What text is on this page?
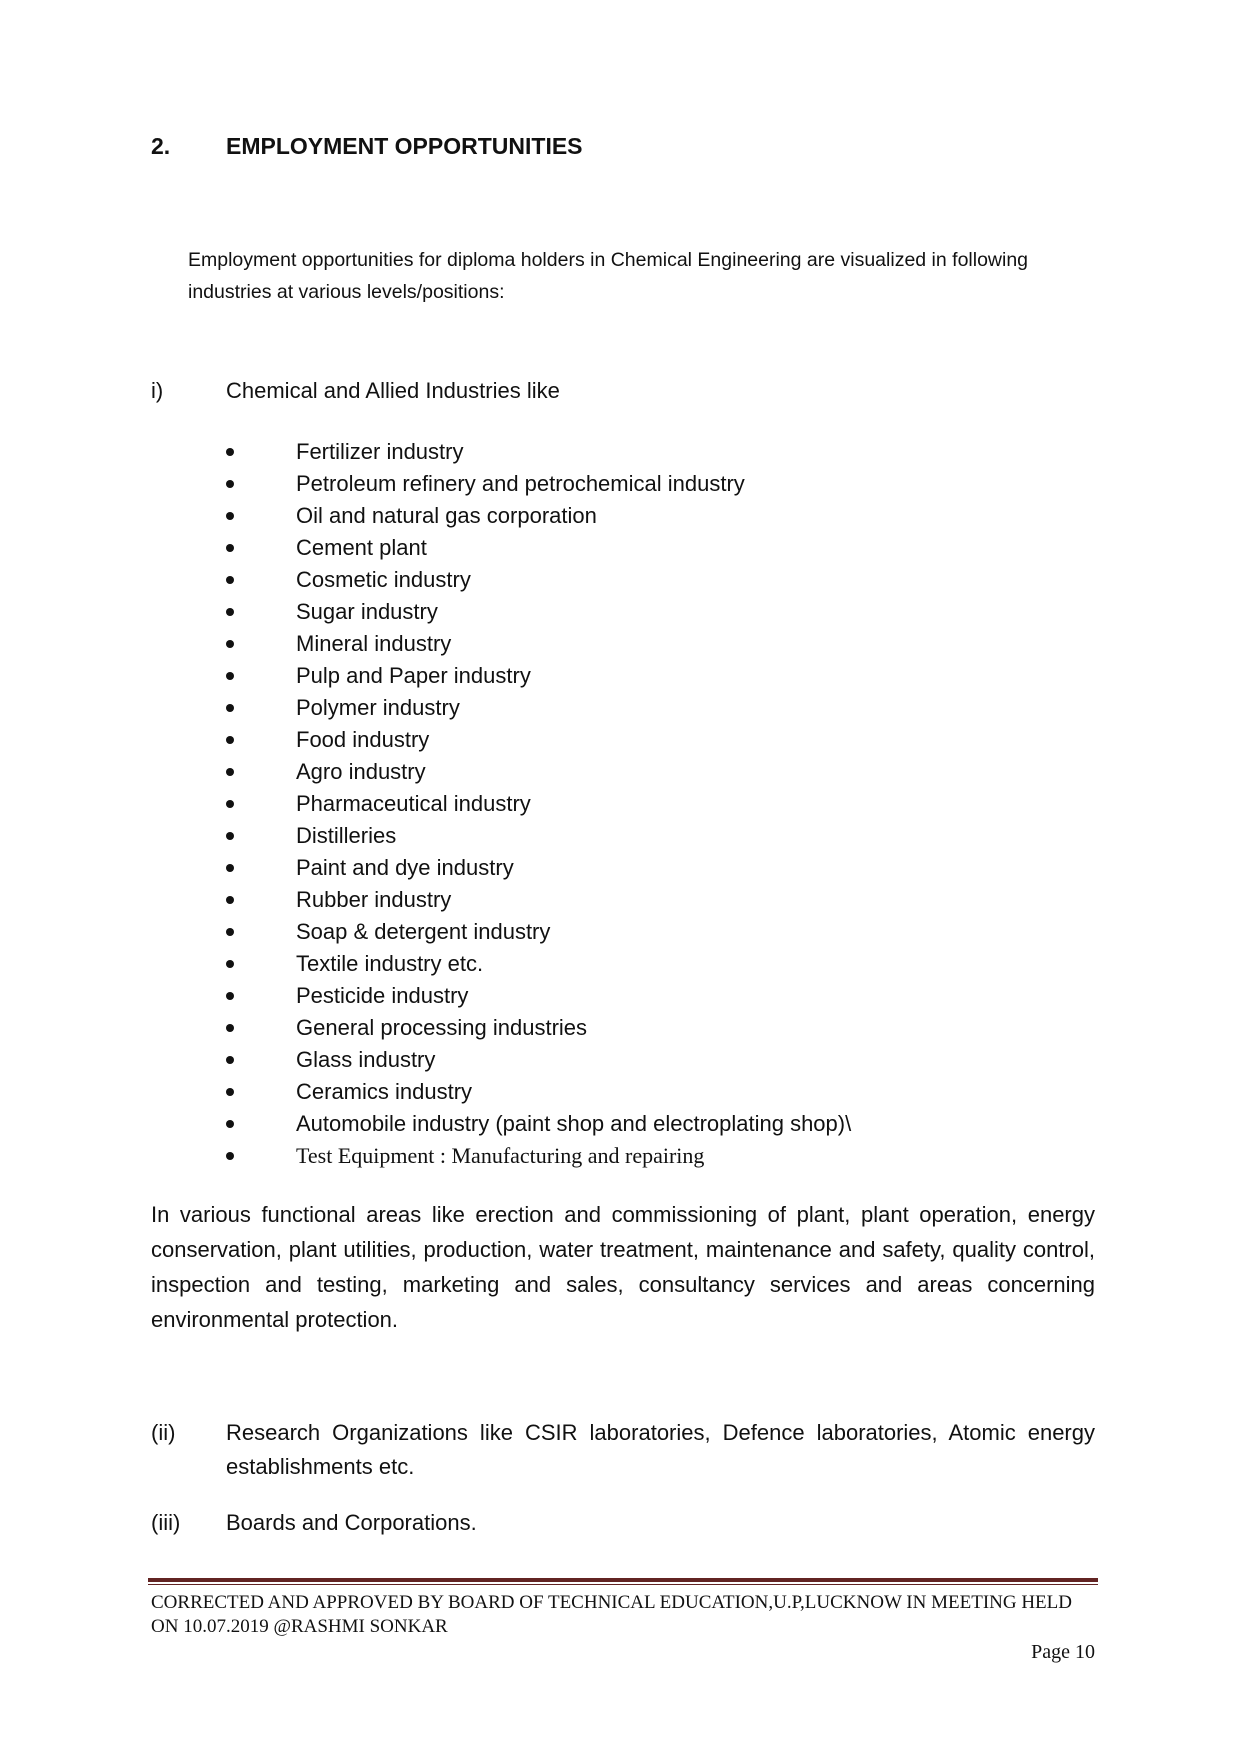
2.	EMPLOYMENT OPPORTUNITIES
Employment opportunities for diploma holders in Chemical Engineering are visualized in following industries at various levels/positions:
i)	Chemical and Allied Industries like
Fertilizer industry
Petroleum refinery and petrochemical industry
Oil and natural gas corporation
Cement plant
Cosmetic industry
Sugar industry
Mineral industry
Pulp and Paper industry
Polymer industry
Food industry
Agro industry
Pharmaceutical industry
Distilleries
Paint and dye industry
Rubber industry
Soap & detergent industry
Textile industry etc.
Pesticide industry
General processing industries
Glass industry
Ceramics industry
Automobile industry (paint shop and electroplating shop)\
Test Equipment : Manufacturing and repairing
In various functional areas like erection and commissioning of plant, plant operation, energy conservation, plant utilities, production, water treatment, maintenance and safety, quality control, inspection and testing, marketing and sales, consultancy services and areas concerning environmental protection.
(ii)	Research Organizations like CSIR laboratories, Defence laboratories, Atomic energy establishments etc.
(iii)	Boards and Corporations.
CORRECTED AND APPROVED BY BOARD OF TECHNICAL EDUCATION,U.P,LUCKNOW IN MEETING HELD ON 10.07.2019 @RASHMI SONKAR
Page 10
